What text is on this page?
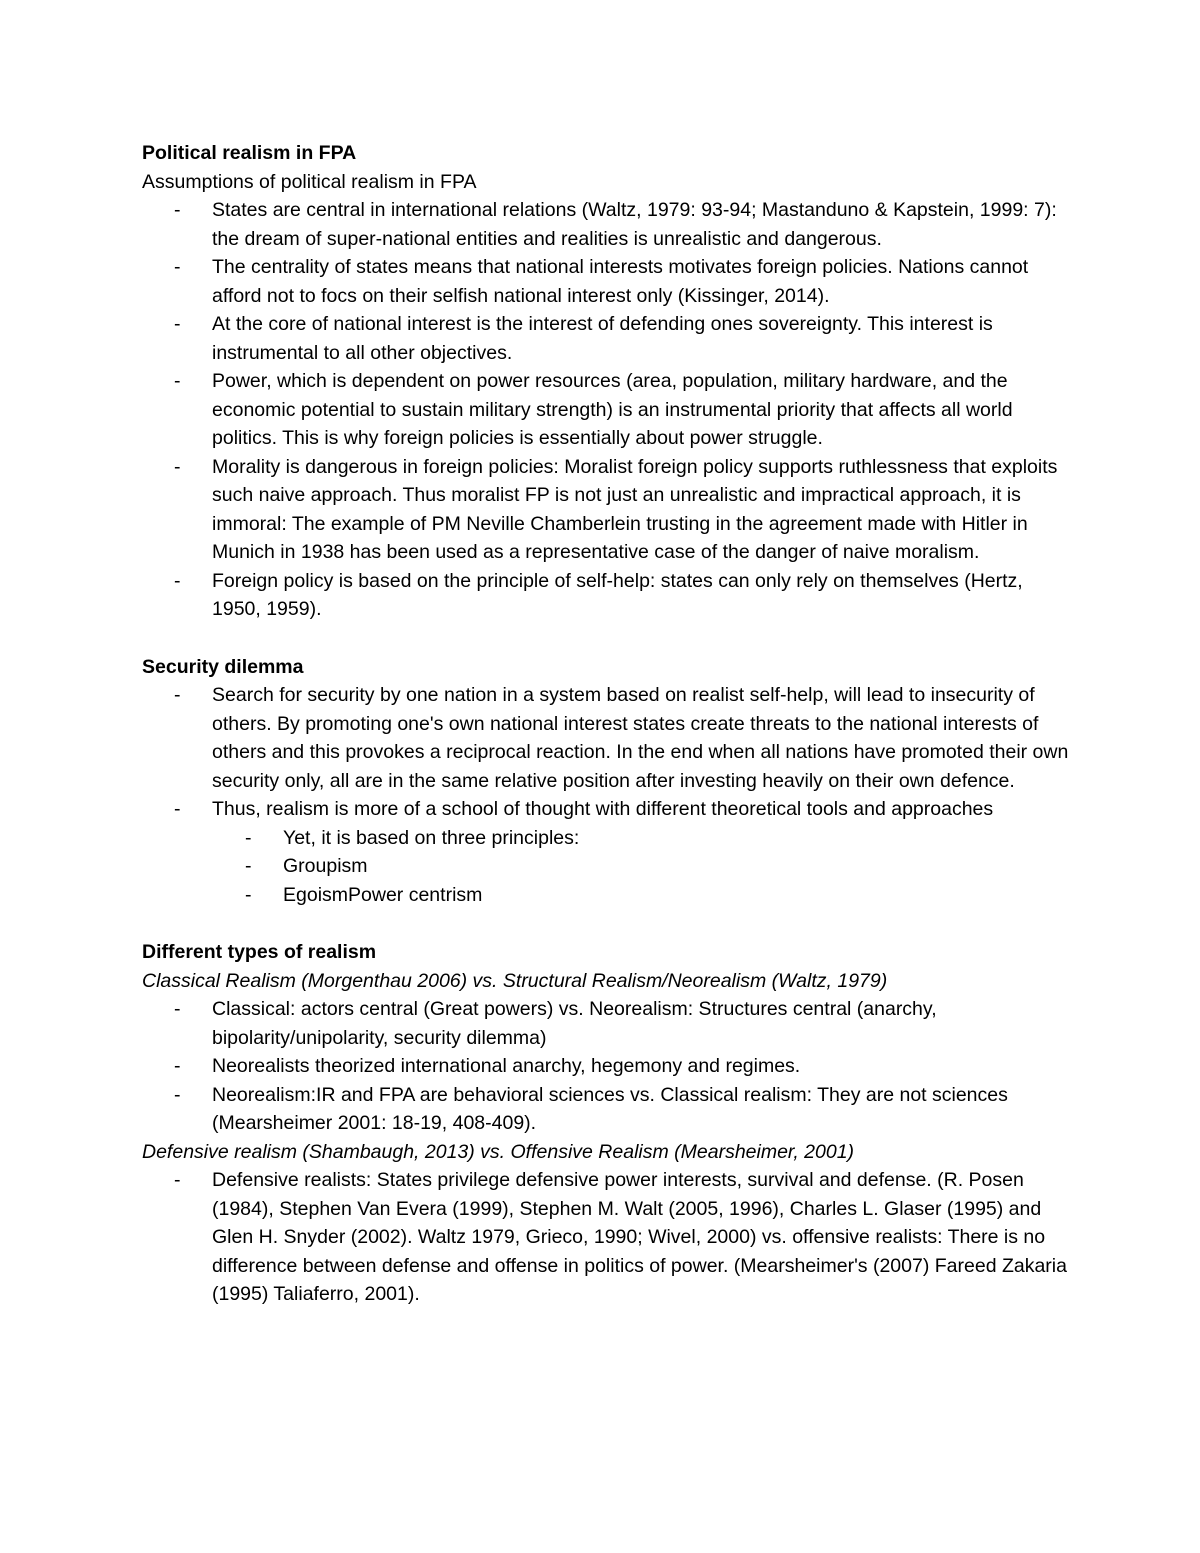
Political realism in FPA

Assumptions of political realism in FPA

- States are central in international relations (Waltz, 1979: 93-94; Mastanduno & Kapstein, 1999: 7): the dream of super-national entities and realities is unrealistic and dangerous.
- The centrality of states means that national interests motivates foreign policies. Nations cannot afford not to focs on their selfish national interest only (Kissinger, 2014).
- At the core of national interest is the interest of defending ones sovereignty. This interest is instrumental to all other objectives.
- Power, which is dependent on power resources (area, population, military hardware, and the economic potential to sustain military strength) is an instrumental priority that affects all world politics. This is why foreign policies is essentially about power struggle.
- Morality is dangerous in foreign policies: Moralist foreign policy supports ruthlessness that exploits such naive approach. Thus moralist FP is not just an unrealistic and impractical approach, it is immoral: The example of PM Neville Chamberlein trusting in the agreement made with Hitler in Munich in 1938 has been used as a representative case of the danger of naive moralism.
- Foreign policy is based on the principle of self-help: states can only rely on themselves (Hertz, 1950, 1959).
Security dilemma
- Search for security by one nation in a system based on realist self-help, will lead to insecurity of others. By promoting one's own national interest states create threats to the national interests of others and this provokes a reciprocal reaction. In the end when all nations have promoted their own security only, all are in the same relative position after investing heavily on their own defence.
- Thus, realism is more of a school of thought with different theoretical tools and approaches
- Yet, it is based on three principles:
- Groupism
- EgoismPower centrism
Different types of realism

Classical Realism (Morgenthau 2006) vs. Structural Realism/Neorealism (Waltz, 1979)

- Classical: actors central (Great powers) vs. Neorealism: Structures central (anarchy, bipolarity/unipolarity, security dilemma)
- Neorealists theorized international anarchy, hegemony and regimes.
- Neorealism:IR and FPA are behavioral sciences vs. Classical realism: They are not sciences (Mearsheimer 2001: 18-19, 408-409).

Defensive realism (Shambaugh, 2013) vs. Offensive Realism (Mearsheimer, 2001)

- Defensive realists: States privilege defensive power interests, survival and defense. (R. Posen (1984), Stephen Van Evera (1999), Stephen M. Walt (2005, 1996), Charles L. Glaser (1995) and Glen H. Snyder (2002). Waltz 1979, Grieco, 1990; Wivel, 2000) vs. offensive realists: There is no difference between defense and offense in politics of power. (Mearsheimer's (2007) Fareed Zakaria (1995) Taliaferro, 2001).
